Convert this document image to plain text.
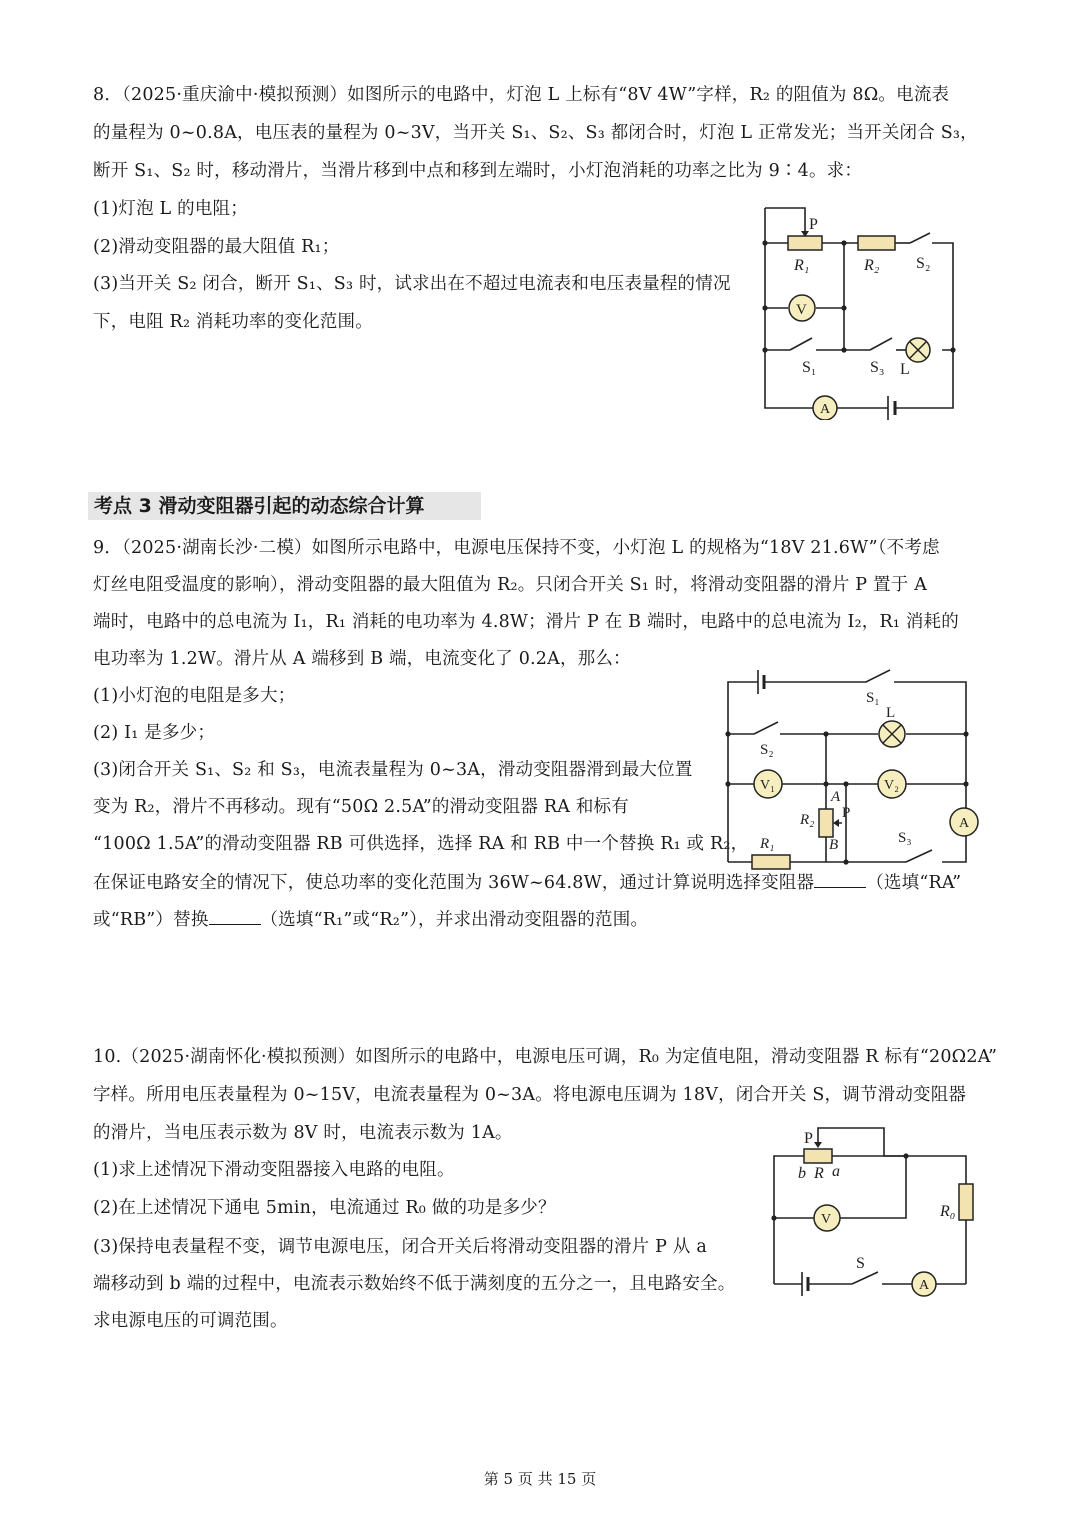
8．（2025·重庆渝中·模拟预测）如图所示的电路中，灯泡 L 上标有“8V 4W”字样，R₂ 的阻值为 8Ω。电流表
的量程为 0~0.8A，电压表的量程为 0~3V，当开关 S₁、S₂、S₃ 都闭合时，灯泡 L 正常发光；当开关闭合 S₃，
断开 S₁、S₂ 时，移动滑片，当滑片移到中点和移到左端时，小灯泡消耗的功率之比为 9∶4。求：
(1)灯泡 L 的电阻；
(2)滑动变阻器的最大阻值 R₁；
(3)当开关 S₂ 闭合，断开 S₁、S₃ 时，试求出在不超过电流表和电压表量程的情况
下，电阻 R₂ 消耗功率的变化范围。
P
R₁	R₂ S₂
V
S₁	S₃ L
A
考点 3 滑动变阻器引起的动态综合计算
9．（2025·湖南长沙·二模）如图所示电路中，电源电压保持不变，小灯泡 L 的规格为“18V 21.6W”（不考虑
灯丝电阻受温度的影响），滑动变阻器的最大阻值为 R₂。只闭合开关 S₁ 时，将滑动变阻器的滑片 P 置于 A
端时，电路中的总电流为 I₁，R₁ 消耗的电功率为 4.8W；滑片 P 在 B 端时，电路中的总电流为 I₂，R₁ 消耗的
电功率为 1.2W。滑片从 A 端移到 B 端，电流变化了 0.2A，那么：
(1)小灯泡的电阻是多大；
(2) I₁ 是多少；
(3)闭合开关 S₁、S₂ 和 S₃，电流表量程为 0~3A，滑动变阻器滑到最大位置
变为 R₂，滑片不再移动。现有“50Ω 2.5A”的滑动变阻器 RA 和标有
“100Ω 1.5A”的滑动变阻器 RB 可供选择，选择 RA 和 RB 中一个替换 R₁ 或 R₂，
在保证电路安全的情况下，使总功率的变化范围为 36W~64.8W，通过计算说明选择变阻器	（选填“RA”
或“RB”）替换	（选填“R₁”或“R₂”），并求出滑动变阻器的范围。
S₁
L
S₂
V₁	V₂
A
P
R₂
B	S₃
R₁
A
10.（2025·湖南怀化·模拟预测）如图所示的电路中，电源电压可调，R₀ 为定值电阻，滑动变阻器 R 标有“20Ω2A”
字样。所用电压表量程为 0~15V，电流表量程为 0~3A。将电源电压调为 18V，闭合开关 S，调节滑动变阻器
的滑片，当电压表示数为 8V 时，电流表示数为 1A。
(1)求上述情况下滑动变阻器接入电路的电阻。
(2)在上述情况下通电 5min，电流通过 R₀ 做的功是多少？
(3)保持电表量程不变，调节电源电压，闭合开关后将滑动变阻器的滑片 P 从 a
端移动到 b 端的过程中，电流表示数始终不低于满刻度的五分之一，且电路安全。
求电源电压的可调范围。
P
b R a
V	R₀
S
A
第 5 页 共 15 页
